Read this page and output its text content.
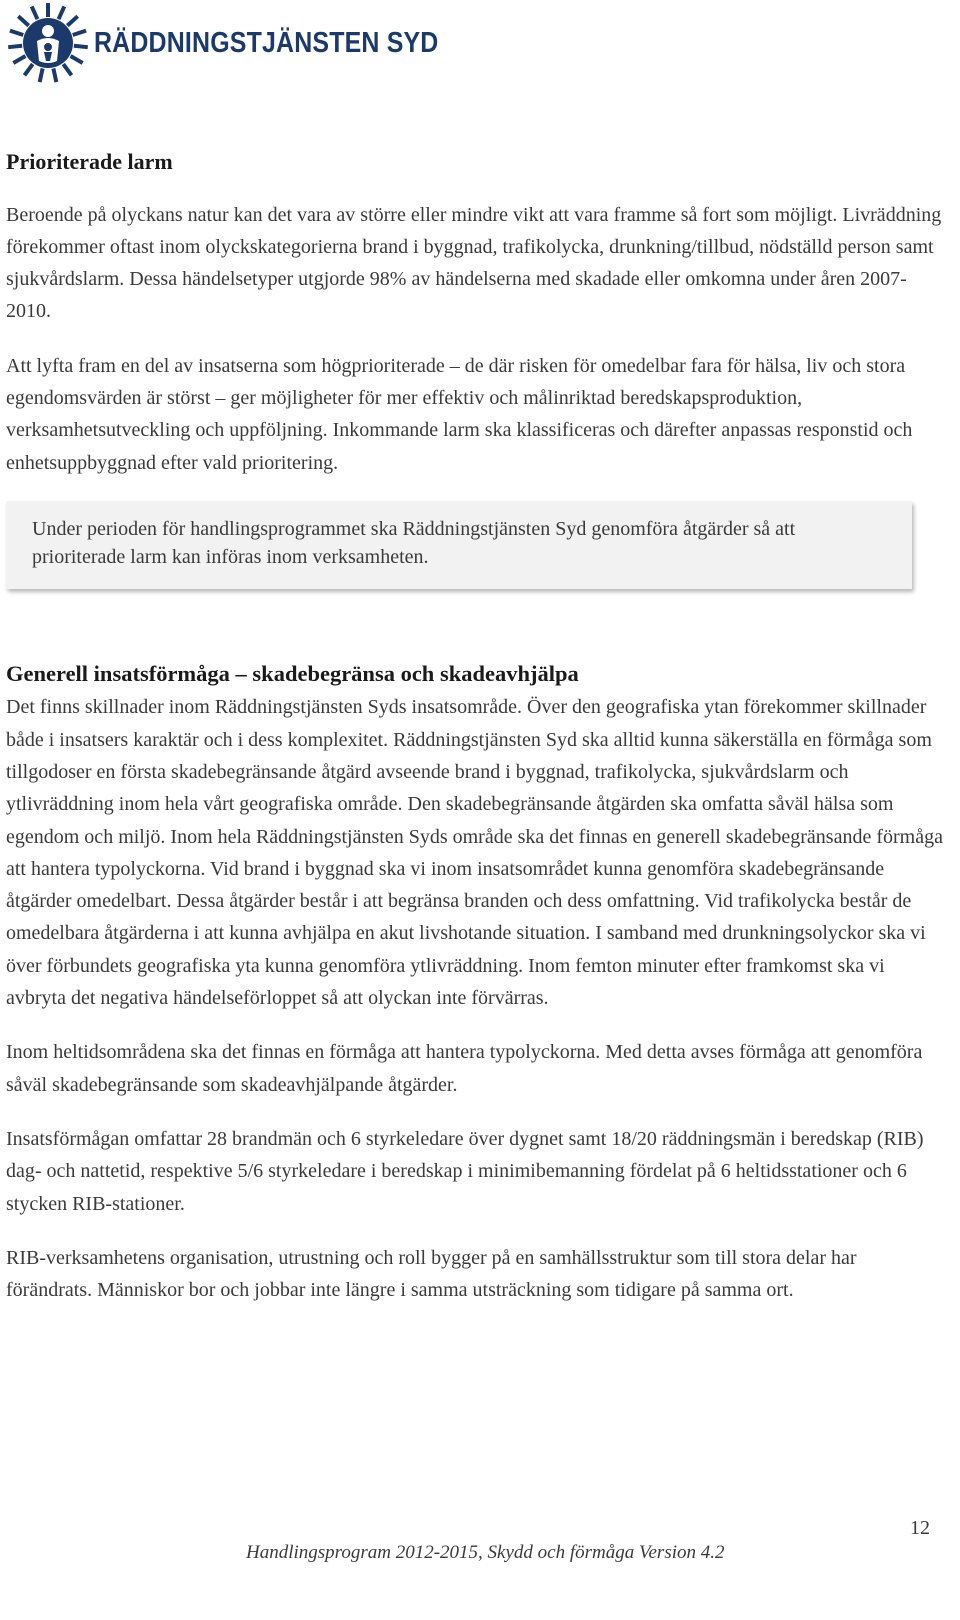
RÄDDNINGSTJÄNSTEN SYD
Prioriterade larm

Beroende på olyckans natur kan det vara av större eller mindre vikt att vara framme så fort som möjligt. Livräddning förekommer oftast inom olyckskategorierna brand i byggnad, trafikolycka, drunkning/tillbud, nödställd person samt sjukvårdslarm. Dessa händelsetyper utgjorde 98% av händelserna med skadade eller omkomna under åren 2007-2010.

Att lyfta fram en del av insatserna som högprioriterade – de där risken för omedelbar fara för hälsa, liv och stora egendomsvärden är störst – ger möjligheter för mer effektiv och målinriktad beredskapsproduktion, verksamhetsutveckling och uppföljning. Inkommande larm ska klassificeras och därefter anpassas responstid och enhetsuppbyggnad efter vald prioritering.

Under perioden för handlingsprogrammet ska Räddningstjänsten Syd genomföra åtgärder så att prioriterade larm kan införas inom verksamheten.

Generell insatsförmåga – skadebegränsa och skadeavhjälpa

Det finns skillnader inom Räddningstjänsten Syds insatsområde. Över den geografiska ytan förekommer skillnader både i insatsers karaktär och i dess komplexitet. Räddningstjänsten Syd ska alltid kunna säkerställa en förmåga som tillgodoser en första skadebegränsande åtgärd avseende brand i byggnad, trafikolycka, sjukvårdslarm och ytlivräddning inom hela vårt geografiska område. Den skadebegränsande åtgärden ska omfatta såväl hälsa som egendom och miljö. Inom hela Räddningstjänsten Syds område ska det finnas en generell skadebegränsande förmåga att hantera typolyckorna. Vid brand i byggnad ska vi inom insatsområdet kunna genomföra skadebegränsande åtgärder omedelbart. Dessa åtgärder består i att begränsa branden och dess omfattning. Vid trafikolycka består de omedelbara åtgärderna i att kunna avhjälpa en akut livshotande situation. I samband med drunkningsolyckor ska vi över förbundets geografiska yta kunna genomföra ytlivräddning. Inom femton minuter efter framkomst ska vi avbryta det negativa händelseförloppet så att olyckan inte förvärras.

Inom heltidsområdena ska det finnas en förmåga att hantera typolyckorna. Med detta avses förmåga att genomföra såväl skadebegränsande som skadeavhjälpande åtgärder.

Insatsförmågan omfattar 28 brandmän och 6 styrkeledare över dygnet samt 18/20 räddningsmän i beredskap (RIB) dag- och nattetid, respektive 5/6 styrkeledare i beredskap i minimibemanning fördelat på 6 heltidsstationer och 6 stycken RIB-stationer.

RIB-verksamhetens organisation, utrustning och roll bygger på en samhällsstruktur som till stora delar har förändrats. Människor bor och jobbar inte längre i samma utsträckning som tidigare på samma ort.

12
Handlingsprogram 2012-2015, Skydd och förmåga Version 4.2
